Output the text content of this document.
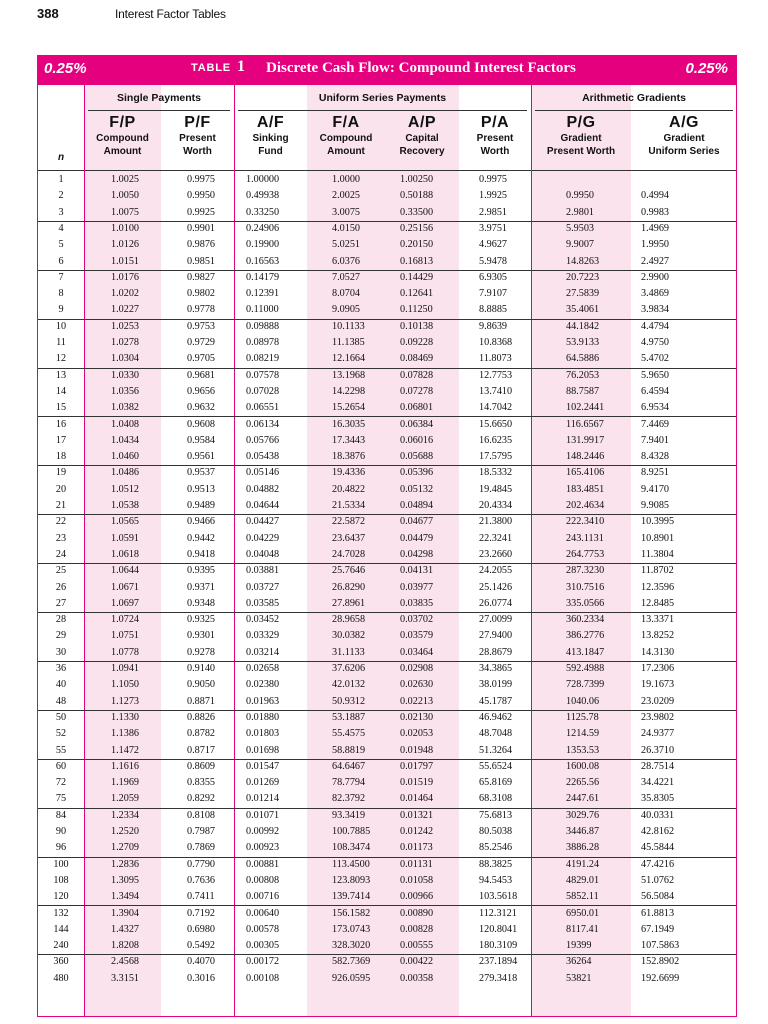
388	Interest Factor Tables
0.25%	TABLE 1 Discrete Cash Flow: Compound Interest Factors	0.25%
Single Payments	Uniform Series Payments	Arithmetic Gradients
F/P
Compound
Amount
P/F
Present
Worth
A/F
Sinking
Fund
F/A
Compound
Amount
A/P
Capital
Recovery
P/A
Present
Worth
P/G
Gradient
Present Worth
A/G
Gradient
Uniform Series
n
1	1.0025	0.9975	1.00000	1.0000	1.00250	0.9975
2	1.0050	0.9950	0.49938	2.0025	0.50188	1.9925	0.9950	0.4994
3	1.0075	0.9925	0.33250	3.0075	0.33500	2.9851	2.9801	0.9983
4	1.0100	0.9901	0.24906	4.0150	0.25156	3.9751	5.9503	1.4969
5	1.0126	0.9876	0.19900	5.0251	0.20150	4.9627	9.9007	1.9950
6	1.0151	0.9851	0.16563	6.0376	0.16813	5.9478	14.8263	2.4927
7	1.0176	0.9827	0.14179	7.0527	0.14429	6.9305	20.7223	2.9900
8	1.0202	0.9802	0.12391	8.0704	0.12641	7.9107	27.5839	3.4869
9	1.0227	0.9778	0.11000	9.0905	0.11250	8.8885	35.4061	3.9834
10	1.0253	0.9753	0.09888	10.1133	0.10138	9.8639	44.1842	4.4794
11	1.0278	0.9729	0.08978	11.1385	0.09228	10.8368	53.9133	4.9750
12	1.0304	0.9705	0.08219	12.1664	0.08469	11.8073	64.5886	5.4702
13	1.0330	0.9681	0.07578	13.1968	0.07828	12.7753	76.2053	5.9650
14	1.0356	0.9656	0.07028	14.2298	0.07278	13.7410	88.7587	6.4594
15	1.0382	0.9632	0.06551	15.2654	0.06801	14.7042	102.2441	6.9534
16	1.0408	0.9608	0.06134	16.3035	0.06384	15.6650	116.6567	7.4469
17	1.0434	0.9584	0.05766	17.3443	0.06016	16.6235	131.9917	7.9401
18	1.0460	0.9561	0.05438	18.3876	0.05688	17.5795	148.2446	8.4328
19	1.0486	0.9537	0.05146	19.4336	0.05396	18.5332	165.4106	8.9251
20	1.0512	0.9513	0.04882	20.4822	0.05132	19.4845	183.4851	9.4170
21	1.0538	0.9489	0.04644	21.5334	0.04894	20.4334	202.4634	9.9085
22	1.0565	0.9466	0.04427	22.5872	0.04677	21.3800	222.3410	10.3995
23	1.0591	0.9442	0.04229	23.6437	0.04479	22.3241	243.1131	10.8901
24	1.0618	0.9418	0.04048	24.7028	0.04298	23.2660	264.7753	11.3804
25	1.0644	0.9395	0.03881	25.7646	0.04131	24.2055	287.3230	11.8702
26	1.0671	0.9371	0.03727	26.8290	0.03977	25.1426	310.7516	12.3596
27	1.0697	0.9348	0.03585	27.8961	0.03835	26.0774	335.0566	12.8485
28	1.0724	0.9325	0.03452	28.9658	0.03702	27.0099	360.2334	13.3371
29	1.0751	0.9301	0.03329	30.0382	0.03579	27.9400	386.2776	13.8252
30	1.0778	0.9278	0.03214	31.1133	0.03464	28.8679	413.1847	14.3130
36	1.0941	0.9140	0.02658	37.6206	0.02908	34.3865	592.4988	17.2306
40	1.1050	0.9050	0.02380	42.0132	0.02630	38.0199	728.7399	19.1673
48	1.1273	0.8871	0.01963	50.9312	0.02213	45.1787	1040.06	23.0209
50	1.1330	0.8826	0.01880	53.1887	0.02130	46.9462	1125.78	23.9802
52	1.1386	0.8782	0.01803	55.4575	0.02053	48.7048	1214.59	24.9377
55	1.1472	0.8717	0.01698	58.8819	0.01948	51.3264	1353.53	26.3710
60	1.1616	0.8609	0.01547	64.6467	0.01797	55.6524	1600.08	28.7514
72	1.1969	0.8355	0.01269	78.7794	0.01519	65.8169	2265.56	34.4221
75	1.2059	0.8292	0.01214	82.3792	0.01464	68.3108	2447.61	35.8305
84	1.2334	0.8108	0.01071	93.3419	0.01321	75.6813	3029.76	40.0331
90	1.2520	0.7987	0.00992	100.7885	0.01242	80.5038	3446.87	42.8162
96	1.2709	0.7869	0.00923	108.3474	0.01173	85.2546	3886.28	45.5844
100	1.2836	0.7790	0.00881	113.4500	0.01131	88.3825	4191.24	47.4216
108	1.3095	0.7636	0.00808	123.8093	0.01058	94.5453	4829.01	51.0762
120	1.3494	0.7411	0.00716	139.7414	0.00966	103.5618	5852.11	56.5084
132	1.3904	0.7192	0.00640	156.1582	0.00890	112.3121	6950.01	61.8813
144	1.4327	0.6980	0.00578	173.0743	0.00828	120.8041	8117.41	67.1949
240	1.8208	0.5492	0.00305	328.3020	0.00555	180.3109	19399	107.5863
360	2.4568	0.4070	0.00172	582.7369	0.00422	237.1894	36264	152.8902
480	3.3151	0.3016	0.00108	926.0595	0.00358	279.3418	53821	192.6699
